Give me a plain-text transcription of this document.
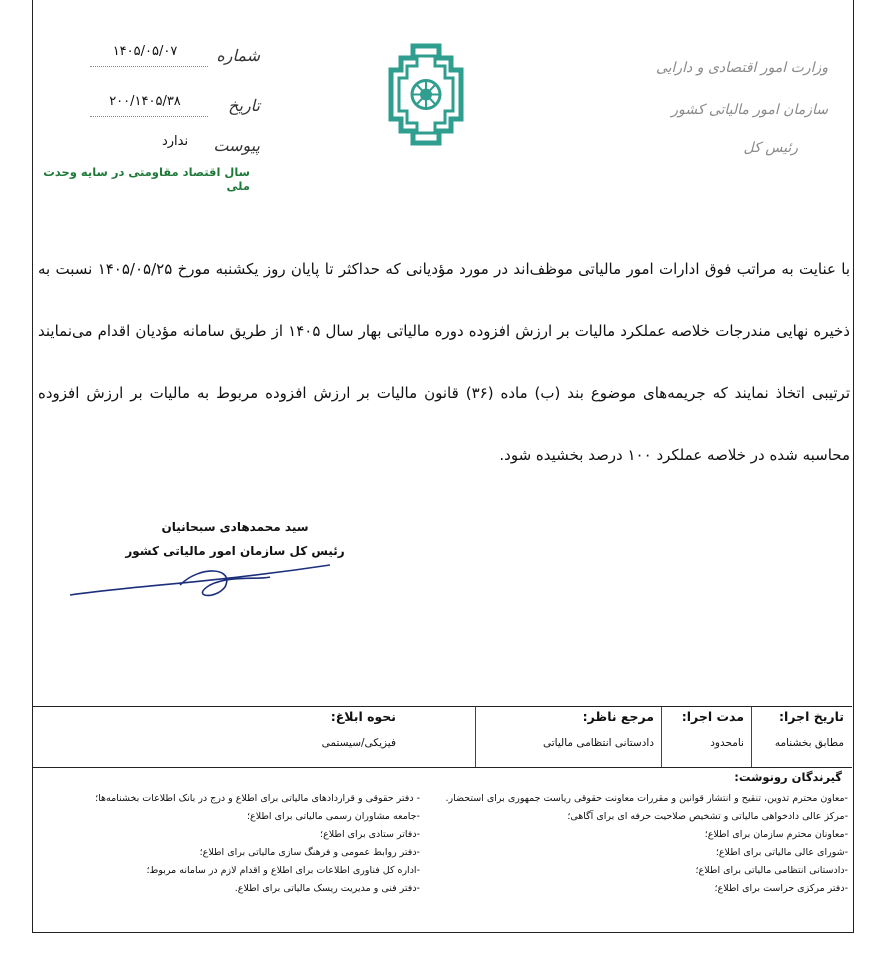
۱۴۰۵/۰۵/۰۷	شماره
۲۰۰/۱۴۰۵/۳۸	تاریخ
ندارد	پیوست
سال اقتصاد مقاومتی در سایه وحدت ملی
وزارت امور اقتصادی و دارایی
سازمان امور مالیاتی کشور
رئیس کل
با عنایت به مراتب فوق ادارات امور مالیاتی موظف‌اند در مورد مؤدیانی که حداکثر تا پایان روز یکشنبه مورخ ۱۴۰۵/۰۵/۲۵ نسبت به ذخیره نهایی مندرجات خلاصه عملکرد مالیات بر ارزش افزوده دوره مالیاتی بهار سال ۱۴۰۵ از طریق سامانه مؤدیان اقدام می‌نمایند ترتیبی اتخاذ نمایند که جریمه‌های موضوع بند (ب) ماده (۳۶) قانون مالیات بر ارزش افزوده مربوط به مالیات بر ارزش افزوده محاسبه شده در خلاصه عملکرد ۱۰۰ درصد بخشیده شود.
سید محمدهادی سبحانیان
رئیس کل سازمان امور مالیاتی کشور
تاریخ اجرا:
مطابق بخشنامه
مدت اجرا:
نامحدود
مرجع ناظر:
دادستانی انتظامی مالیاتی
نحوه ابلاغ:
فیزیکی/سیستمی
گیرندگان رونوشت:
-معاون محترم تدوین، تنقیح و انتشار قوانین و مقررات معاونت حقوقی ریاست جمهوری برای استحضار.
-مرکز عالی دادخواهی مالیاتی و تشخیص صلاحیت حرفه ای برای آگاهی؛
-معاونان محترم سازمان برای اطلاع؛
-شورای عالی مالیاتی برای اطلاع؛
-دادستانی انتظامی مالیاتی برای اطلاع؛
-دفتر مرکزی حراست برای اطلاع؛
- دفتر حقوقی و قراردادهای مالیاتی برای اطلاع و درج در بانک اطلاعات بخشنامه‌ها؛
-جامعه مشاوران رسمی مالیاتی برای اطلاع؛
-دفاتر ستادی برای اطلاع؛
-دفتر روابط عمومی و فرهنگ سازی مالیاتی برای اطلاع؛
-اداره کل فناوری اطلاعات برای اطلاع و اقدام لازم در سامانه مربوط؛
-دفتر فنی و مدیریت ریسک مالیاتی برای اطلاع.
